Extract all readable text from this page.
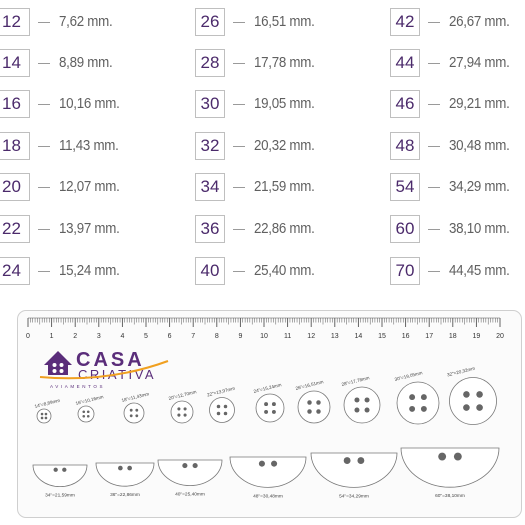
12	7,62 mm.
14	8,89 mm.
16	10,16 mm.
18	11,43 mm.
20	12,07 mm.
22	13,97 mm.
24	15,24 mm.
26	16,51 mm.
28	17,78 mm.
30	19,05 mm.
32	20,32 mm.
34	21,59 mm.
36	22,86 mm.
40	25,40 mm.
42	26,67 mm.
44	27,94 mm.
46	29,21 mm.
48	30,48 mm.
54	34,29 mm.
60	38,10 mm.
70	44,45 mm.
0	1	2	3	4	5	6	7	8	9	10 11 12 13 14 15 16 17 18 19 20
CASA
CRIATIVA
AVIAMENTOS
14"=8,89mm	16"=10,16mm	18"=11,43mm	20"=12,70mm 22"=13,97mm	24"=15,24mm	26"=16,51mm	28"=17,78mm	30"=19,05mm	32"=20,32mm
34"=21,59mm	36"=22,86mm	40"=25,40mm	48"=30,48mm	54"=34,29mm	60"=38,10mm
